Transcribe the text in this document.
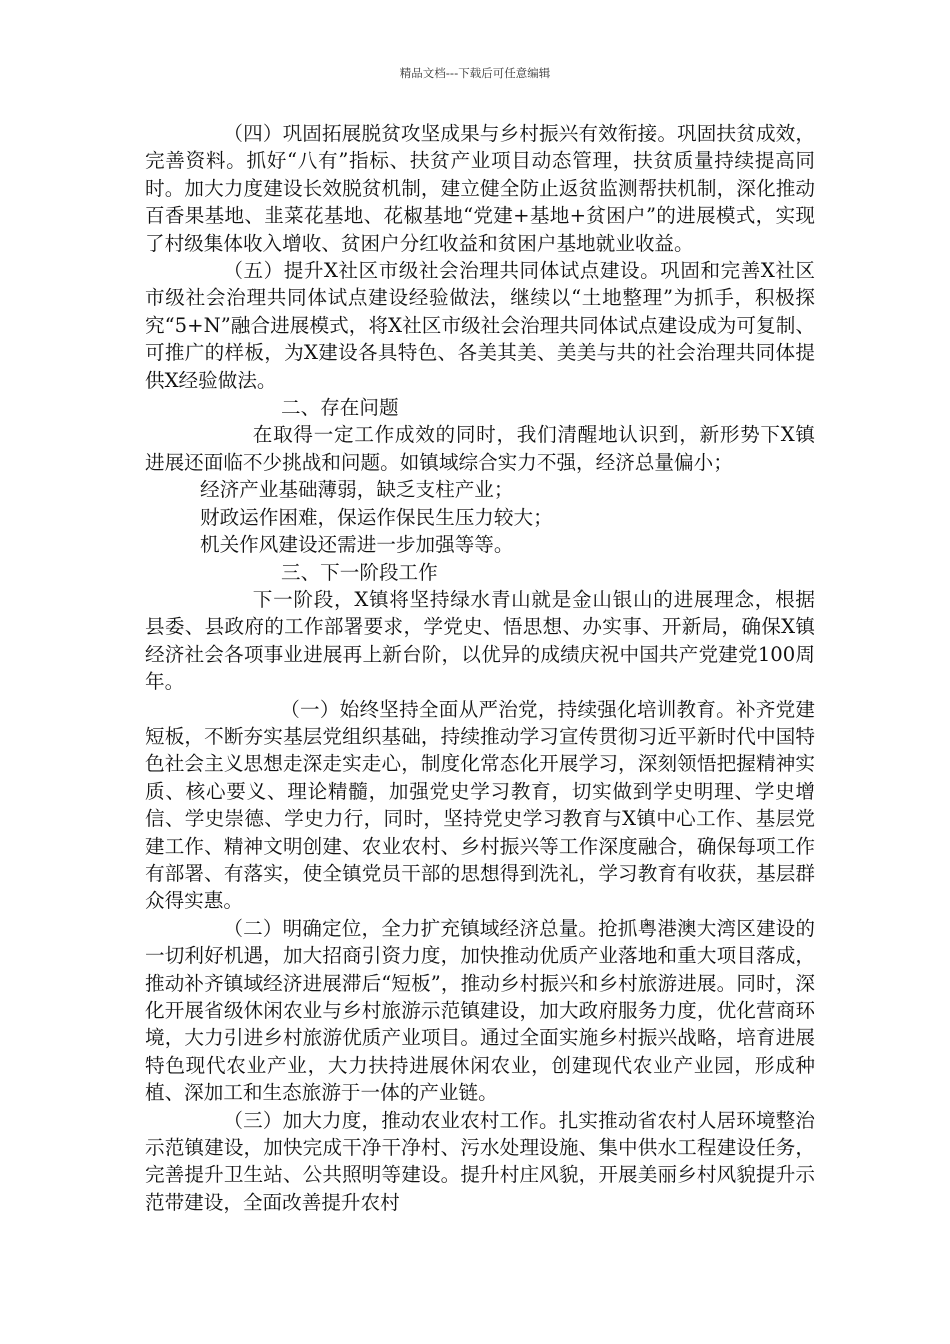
精品文档---下载后可任意编辑

（四）巩固拓展脱贫攻坚成果与乡村振兴有效衔接。巩固扶贫成效，完善资料。抓好“八有”指标、扶贫产业项目动态管理，扶贫质量持续提高同时。加大力度建设长效脱贫机制，建立健全防止返贫监测帮扶机制，深化推动百香果基地、韭菜花基地、花椒基地“党建+基地+贫困户”的进展模式，实现了村级集体收入增收、贫困户分红收益和贫困户基地就业收益。

（五）提升X社区市级社会治理共同体试点建设。巩固和完善X社区市级社会治理共同体试点建设经验做法，继续以“土地整理”为抓手，积极探究“5+N”融合进展模式，将X社区市级社会治理共同体试点建设成为可复制、可推广的样板，为X建设各具特色、各美其美、美美与共的社会治理共同体提供X经验做法。

二、存在问题

在取得一定工作成效的同时，我们清醒地认识到，新形势下X镇进展还面临不少挑战和问题。如镇域综合实力不强，经济总量偏小；

经济产业基础薄弱，缺乏支柱产业；

财政运作困难，保运作保民生压力较大；

机关作风建设还需进一步加强等等。

三、下一阶段工作

下一阶段，X镇将坚持绿水青山就是金山银山的进展理念，根据县委、县政府的工作部署要求，学党史、悟思想、办实事、开新局，确保X镇经济社会各项事业进展再上新台阶，以优异的成绩庆祝中国共产党建党100周年。

（一）始终坚持全面从严治党，持续强化培训教育。补齐党建短板，不断夯实基层党组织基础，持续推动学习宣传贯彻习近平新时代中国特色社会主义思想走深走实走心，制度化常态化开展学习，深刻领悟把握精神实质、核心要义、理论精髓，加强党史学习教育，切实做到学史明理、学史增信、学史崇德、学史力行，同时，坚持党史学习教育与X镇中心工作、基层党建工作、精神文明创建、农业农村、乡村振兴等工作深度融合，确保每项工作有部署、有落实，使全镇党员干部的思想得到洗礼，学习教育有收获，基层群众得实惠。

（二）明确定位，全力扩充镇域经济总量。抢抓粤港澳大湾区建设的一切利好机遇，加大招商引资力度，加快推动优质产业落地和重大项目落成，推动补齐镇域经济进展滞后“短板”，推动乡村振兴和乡村旅游进展。同时，深化开展省级休闲农业与乡村旅游示范镇建设，加大政府服务力度，优化营商环境，大力引进乡村旅游优质产业项目。通过全面实施乡村振兴战略，培育进展特色现代农业产业，大力扶持进展休闲农业，创建现代农业产业园，形成种植、深加工和生态旅游于一体的产业链。

（三）加大力度，推动农业农村工作。扎实推动省农村人居环境整治示范镇建设，加快完成干净干净村、污水处理设施、集中供水工程建设任务，完善提升卫生站、公共照明等建设。提升村庄风貌，开展美丽乡村风貌提升示范带建设，全面改善提升农村
